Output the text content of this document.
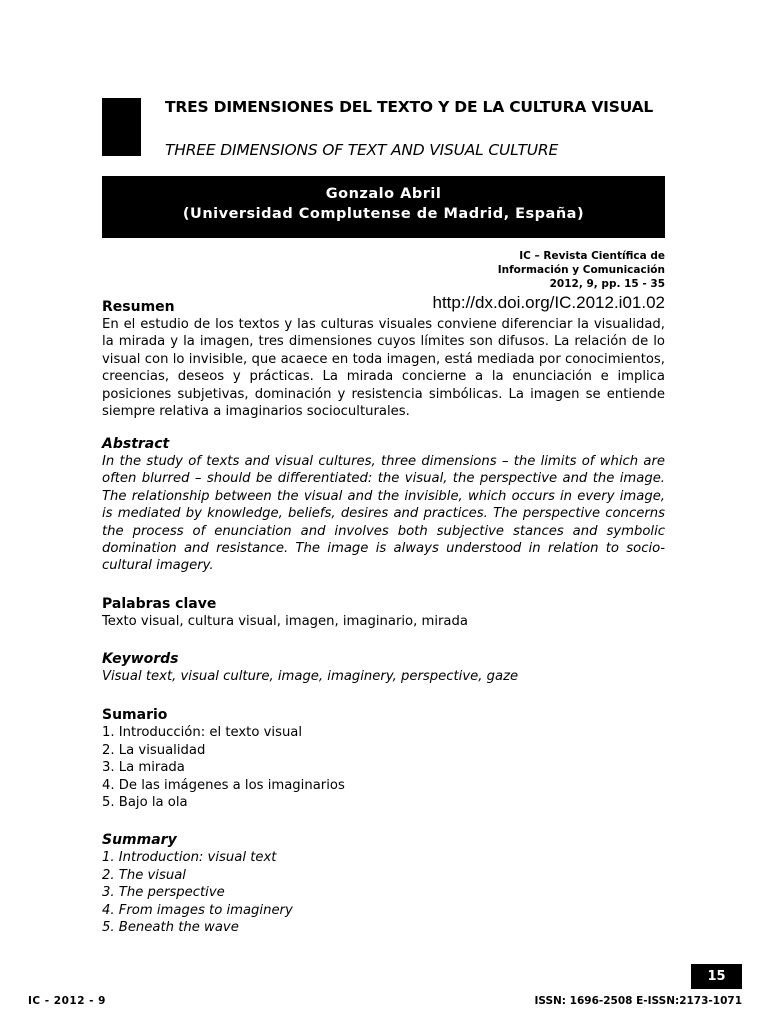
TRES DIMENSIONES DEL TEXTO Y DE LA CULTURA VISUAL
THREE DIMENSIONS OF TEXT AND VISUAL CULTURE
Gonzalo Abril
(Universidad Complutense de Madrid, España)
IC – Revista Científica de
Información y Comunicación
2012, 9, pp. 15 - 35
http://dx.doi.org/IC.2012.i01.02
Resumen
En el estudio de los textos y las culturas visuales conviene diferenciar la visualidad, la mirada y la imagen, tres dimensiones cuyos límites son difusos. La relación de lo visual con lo invisible, que acaece en toda imagen, está mediada por conocimientos, creencias, deseos y prácticas. La mirada concierne a la enunciación e implica posiciones subjetivas, dominación y resistencia simbólicas. La imagen se entiende siempre relativa a imaginarios socioculturales.
Abstract
In the study of texts and visual cultures, three dimensions – the limits of which are often blurred – should be differentiated: the visual, the perspective and the image. The relationship between the visual and the invisible, which occurs in every image, is mediated by knowledge, beliefs, desires and practices. The perspective concerns the process of enunciation and involves both subjective stances and symbolic domination and resistance. The image is always understood in relation to socio-cultural imagery.
Palabras clave
Texto visual, cultura visual, imagen, imaginario, mirada
Keywords
Visual text, visual culture, image, imaginery, perspective, gaze
Sumario
1. Introducción: el texto visual
2. La visualidad
3. La mirada
4. De las imágenes a los imaginarios
5. Bajo la ola
Summary
1. Introduction: visual text
2. The visual
3. The perspective
4. From images to imaginery
5. Beneath the wave
15
IC - 2012 - 9	ISSN: 1696-2508 E-ISSN:2173-1071
